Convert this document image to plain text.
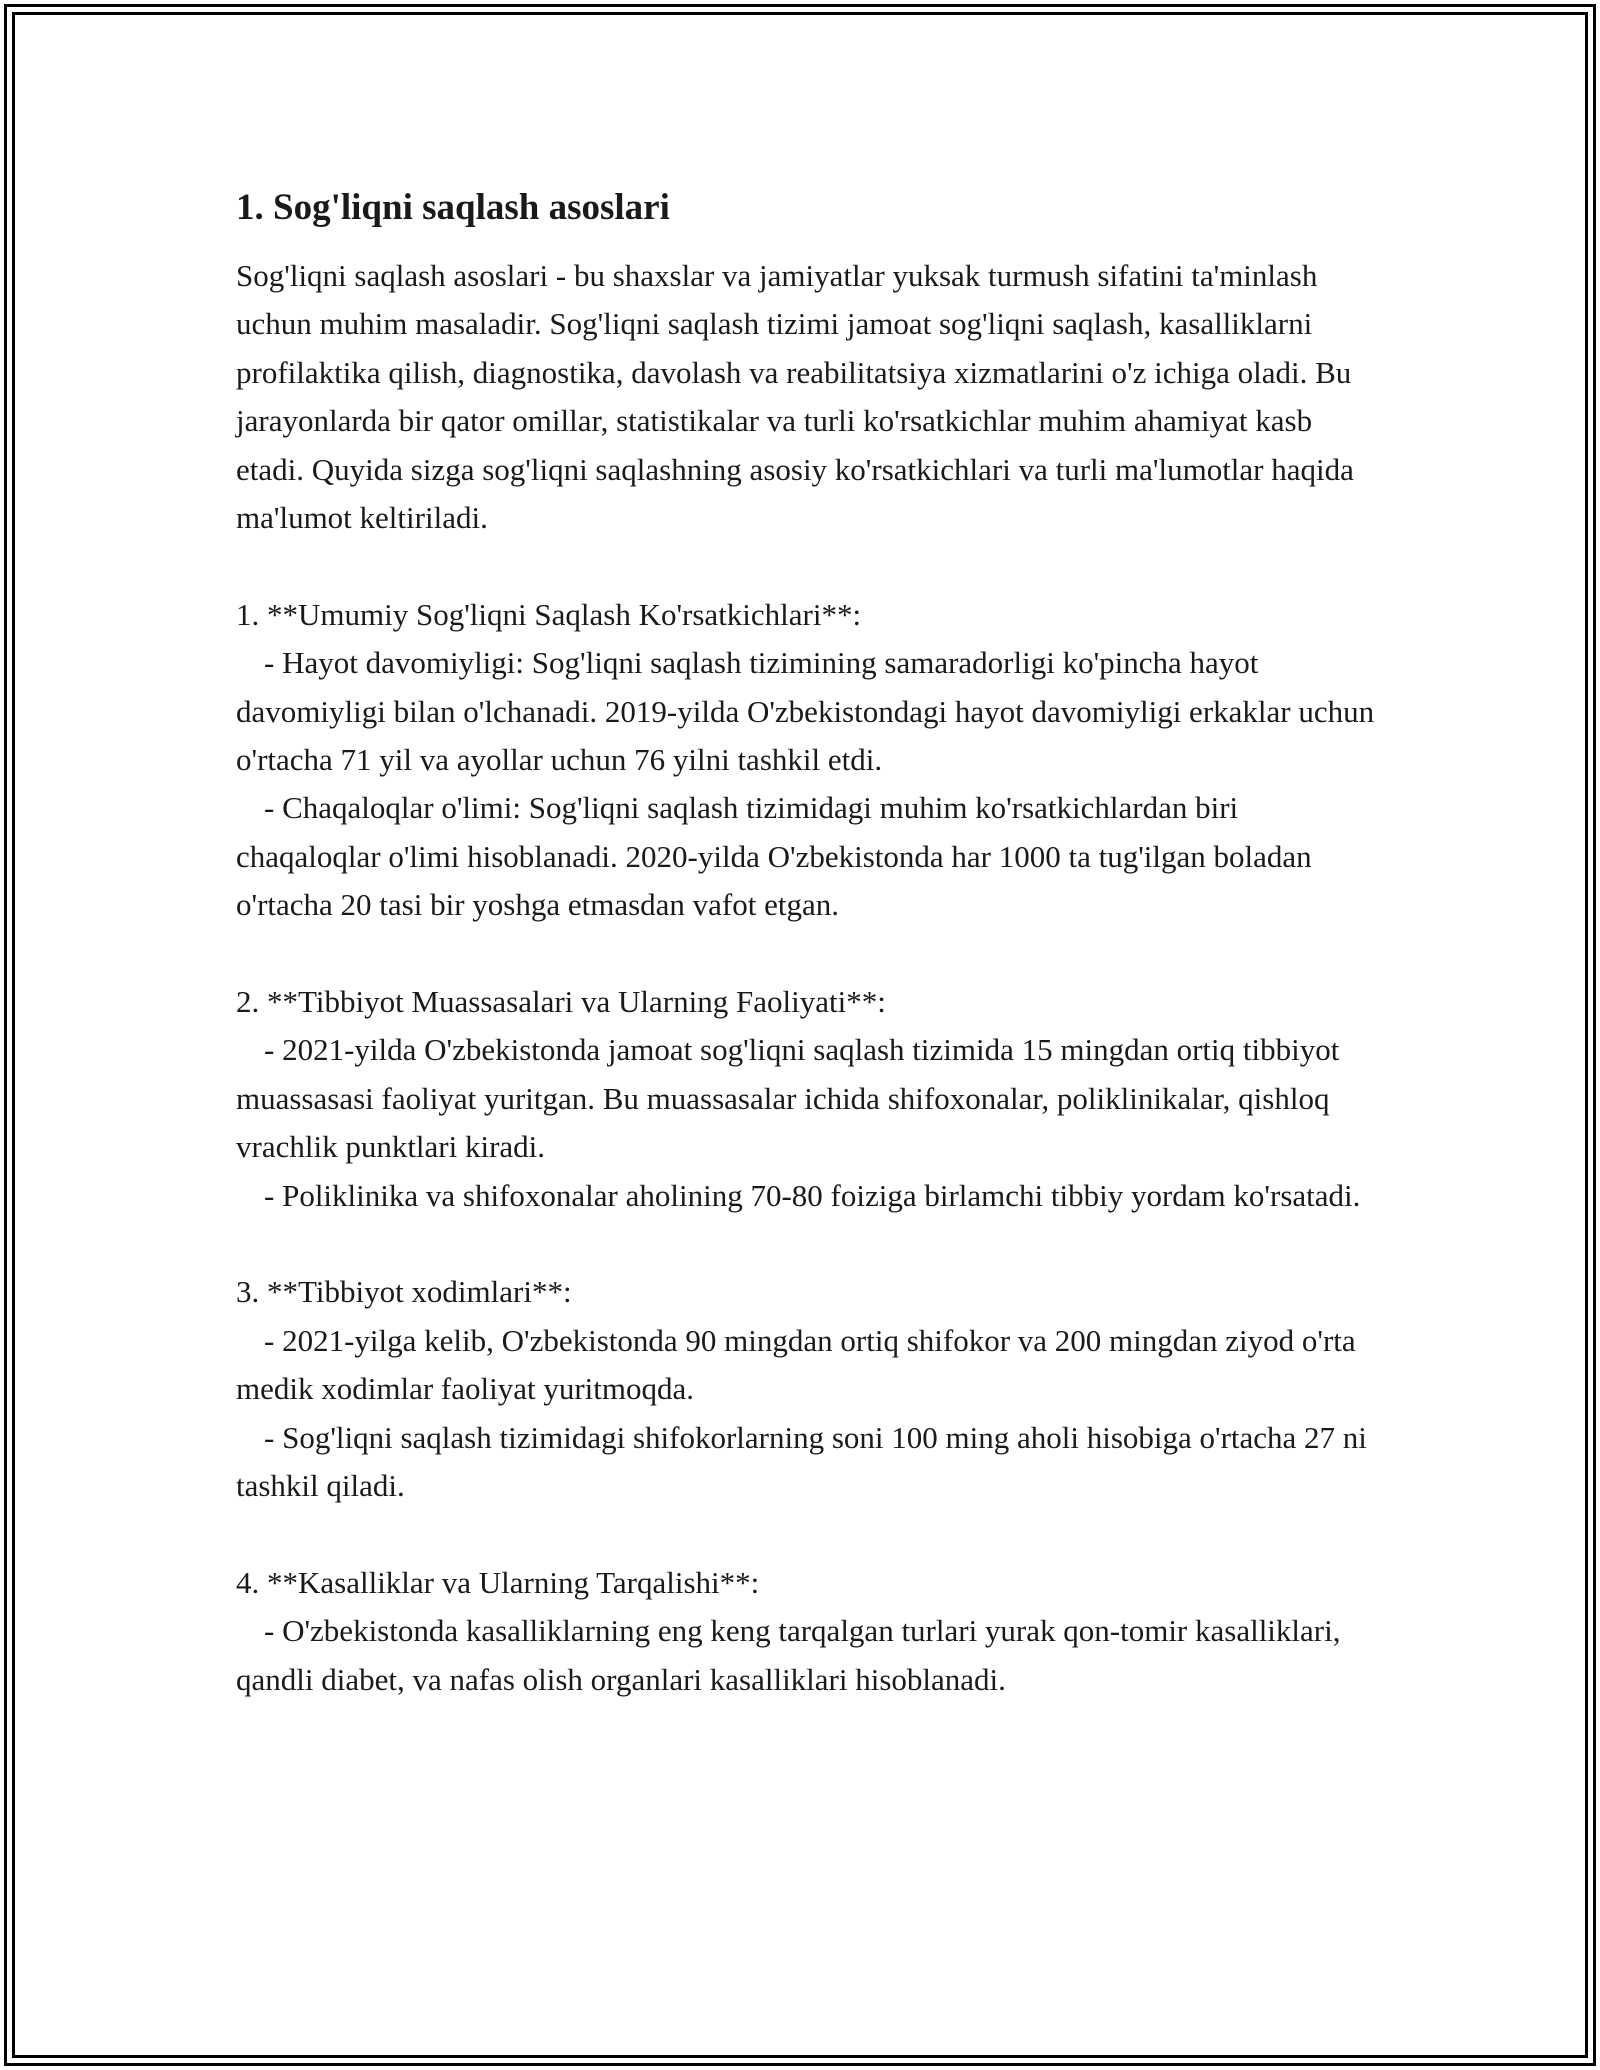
1. Sog'liqni saqlash asoslari

Sog'liqni saqlash asoslari - bu shaxslar va jamiyatlar yuksak turmush sifatini ta'minlash uchun muhim masaladir. Sog'liqni saqlash tizimi jamoat sog'liqni saqlash, kasalliklarni profilaktika qilish, diagnostika, davolash va reabilitatsiya xizmatlarini o'z ichiga oladi. Bu jarayonlarda bir qator omillar, statistikalar va turli ko'rsatkichlar muhim ahamiyat kasb etadi. Quyida sizga sog'liqni saqlashning asosiy ko'rsatkichlari va turli ma'lumotlar haqida ma'lumot keltiriladi.

1. **Umumiy Sog'liqni Saqlash Ko'rsatkichlari**:

- Hayot davomiyligi: Sog'liqni saqlash tizimining samaradorligi ko'pincha hayot davomiyligi bilan o'lchanadi. 2019-yilda O'zbekistondagi hayot davomiyligi erkaklar uchun o'rtacha 71 yil va ayollar uchun 76 yilni tashkil etdi.

- Chaqaloqlar o'limi: Sog'liqni saqlash tizimidagi muhim ko'rsatkichlardan biri chaqaloqlar o'limi hisoblanadi. 2020-yilda O'zbekistonda har 1000 ta tug'ilgan boladan o'rtacha 20 tasi bir yoshga etmasdan vafot etgan.

2. **Tibbiyot Muassasalari va Ularning Faoliyati**:

- 2021-yilda O'zbekistonda jamoat sog'liqni saqlash tizimida 15 mingdan ortiq tibbiyot muassasasi faoliyat yuritgan. Bu muassasalar ichida shifoxonalar, poliklinikalar, qishloq vrachlik punktlari kiradi.

- Poliklinika va shifoxonalar aholining 70-80 foiziga birlamchi tibbiy yordam ko'rsatadi.

3. **Tibbiyot xodimlari**:

- 2021-yilga kelib, O'zbekistonda 90 mingdan ortiq shifokor va 200 mingdan ziyod o'rta medik xodimlar faoliyat yuritmoqda.

- Sog'liqni saqlash tizimidagi shifokorlarning soni 100 ming aholi hisobiga o'rtacha 27 ni tashkil qiladi.

4. **Kasalliklar va Ularning Tarqalishi**:

- O'zbekistonda kasalliklarning eng keng tarqalgan turlari yurak qon-tomir kasalliklari, qandli diabet, va nafas olish organlari kasalliklari hisoblanadi.
